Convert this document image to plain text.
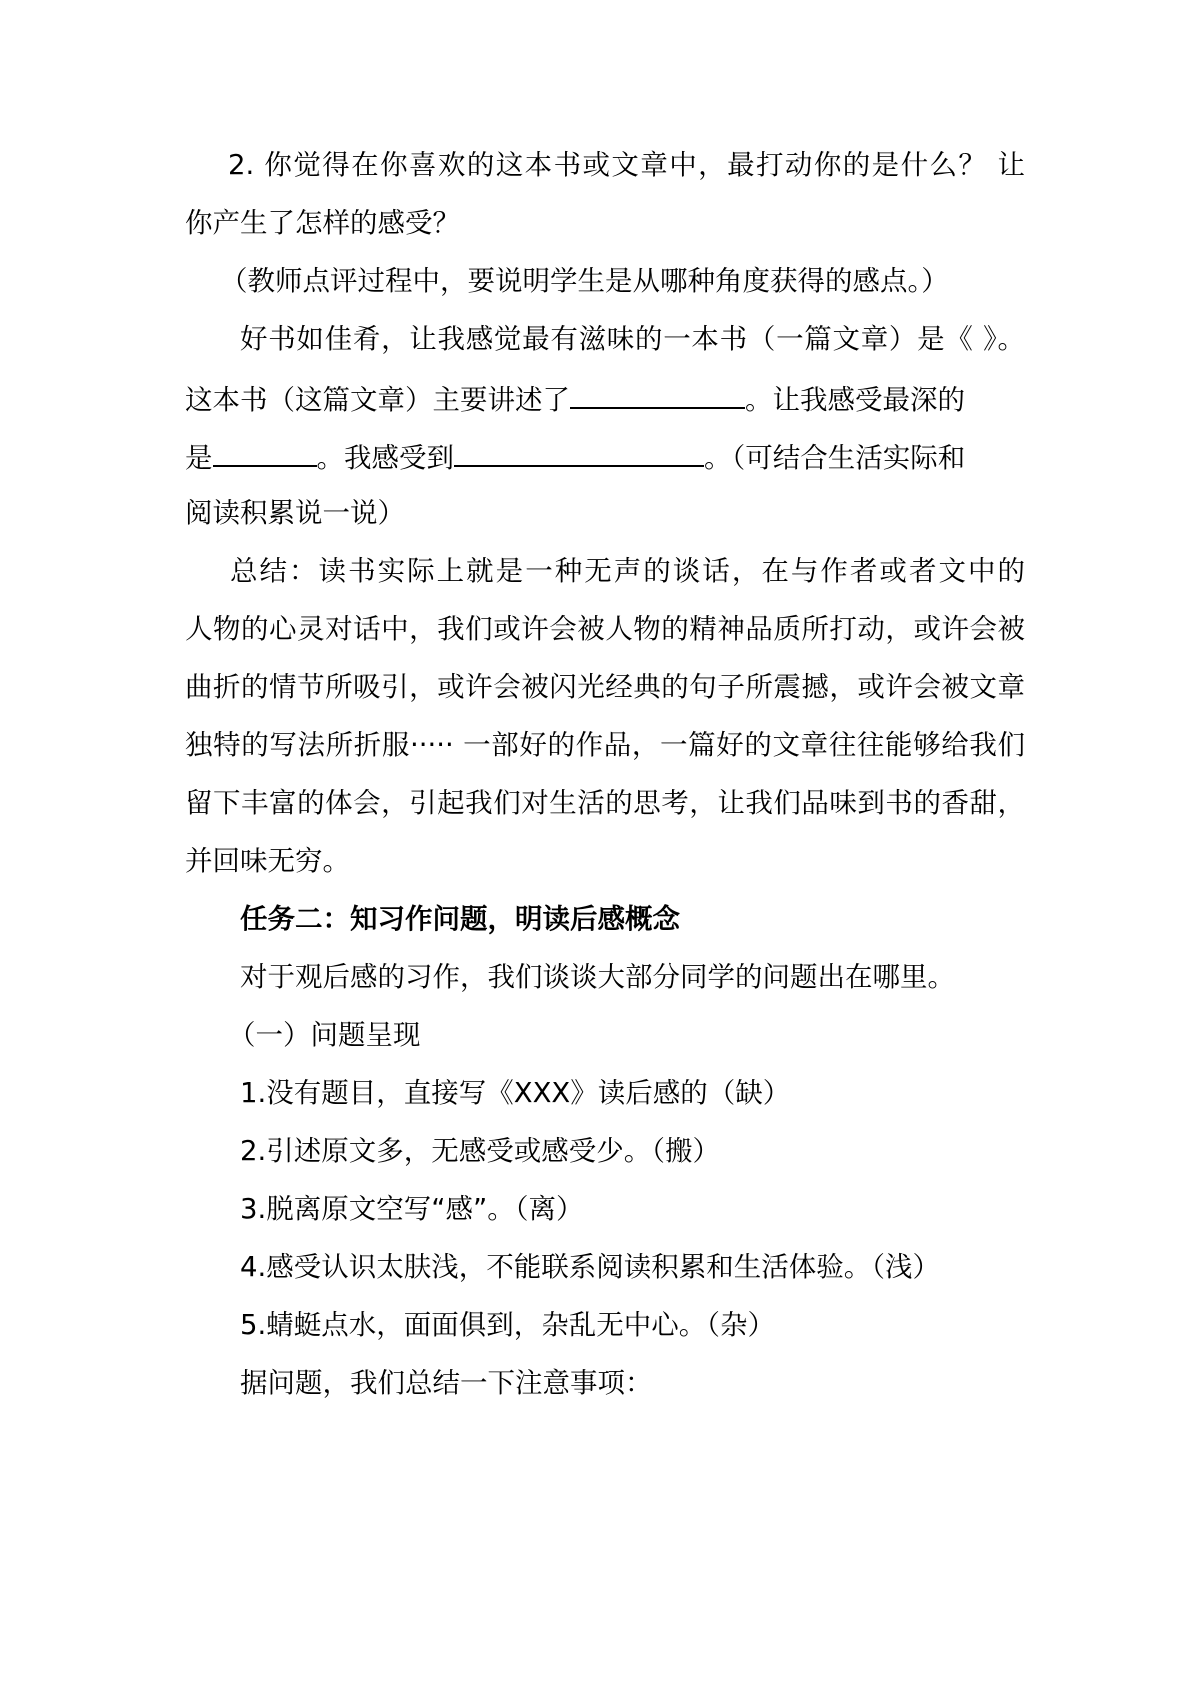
2. 你觉得在你喜欢的这本书或文章中，最打动你的是什么？ 让
你产生了怎样的感受？
（教师点评过程中，要说明学生是从哪种角度获得的感点。）
好书如佳肴，让我感觉最有滋味的一本书（一篇文章）是《 》。
这本书（这篇文章）主要讲述了	。让我感受最深的
是	。我感受到	。（可结合生活实际和
阅读积累说一说）
总结：读书实际上就是一种无声的谈话，在与作者或者文中的
人物的心灵对话中，我们或许会被人物的精神品质所打动，或许会被
曲折的情节所吸引，或许会被闪光经典的句子所震撼，或许会被文章
独特的写法所折服····· 一部好的作品，一篇好的文章往往能够给我们
留下丰富的体会，引起我们对生活的思考，让我们品味到书的香甜，
并回味无穷。
任务二：知习作问题，明读后感概念
对于观后感的习作，我们谈谈大部分同学的问题出在哪里。
（一）问题呈现
1.没有题目，直接写《XXX》读后感的（缺）
2.引述原文多，无感受或感受少。（搬）
3.脱离原文空写“感”。（离）
4.感受认识太肤浅，不能联系阅读积累和生活体验。（浅）
5.蜻蜓点水，面面俱到，杂乱无中心。（杂）
据问题，我们总结一下注意事项：
